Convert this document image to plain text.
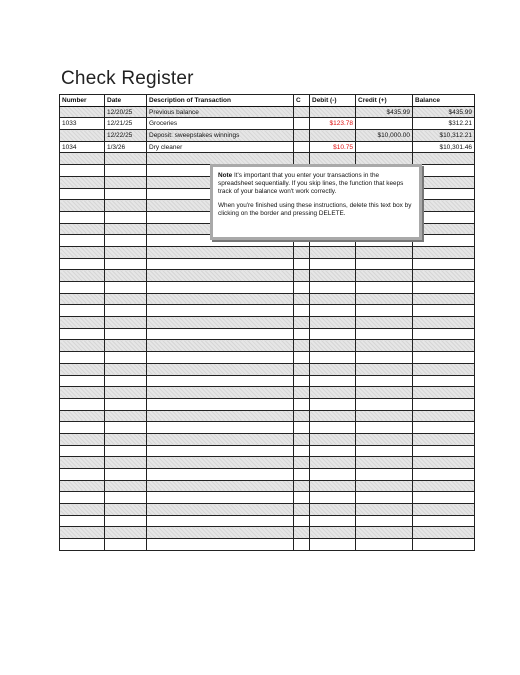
Check Register
Number	Date	Description of Transaction	C	Debit (-)	Credit (+)	Balance
	12/20/25	Previous balance			$435.99	$435.99
1033	12/21/25	Groceries		$123.78		$312.21
	12/22/25	Deposit: sweepstakes winnings			$10,000.00	$10,312.21
1034	1/3/26	Dry cleaner		$10.75		$10,301.46

Note It's important that you enter your transactions in the spreadsheet sequentially. If you skip lines, the function that keeps track of your balance won't work correctly.

When you're finished using these instructions, delete this text box by clicking on the border and pressing DELETE.
